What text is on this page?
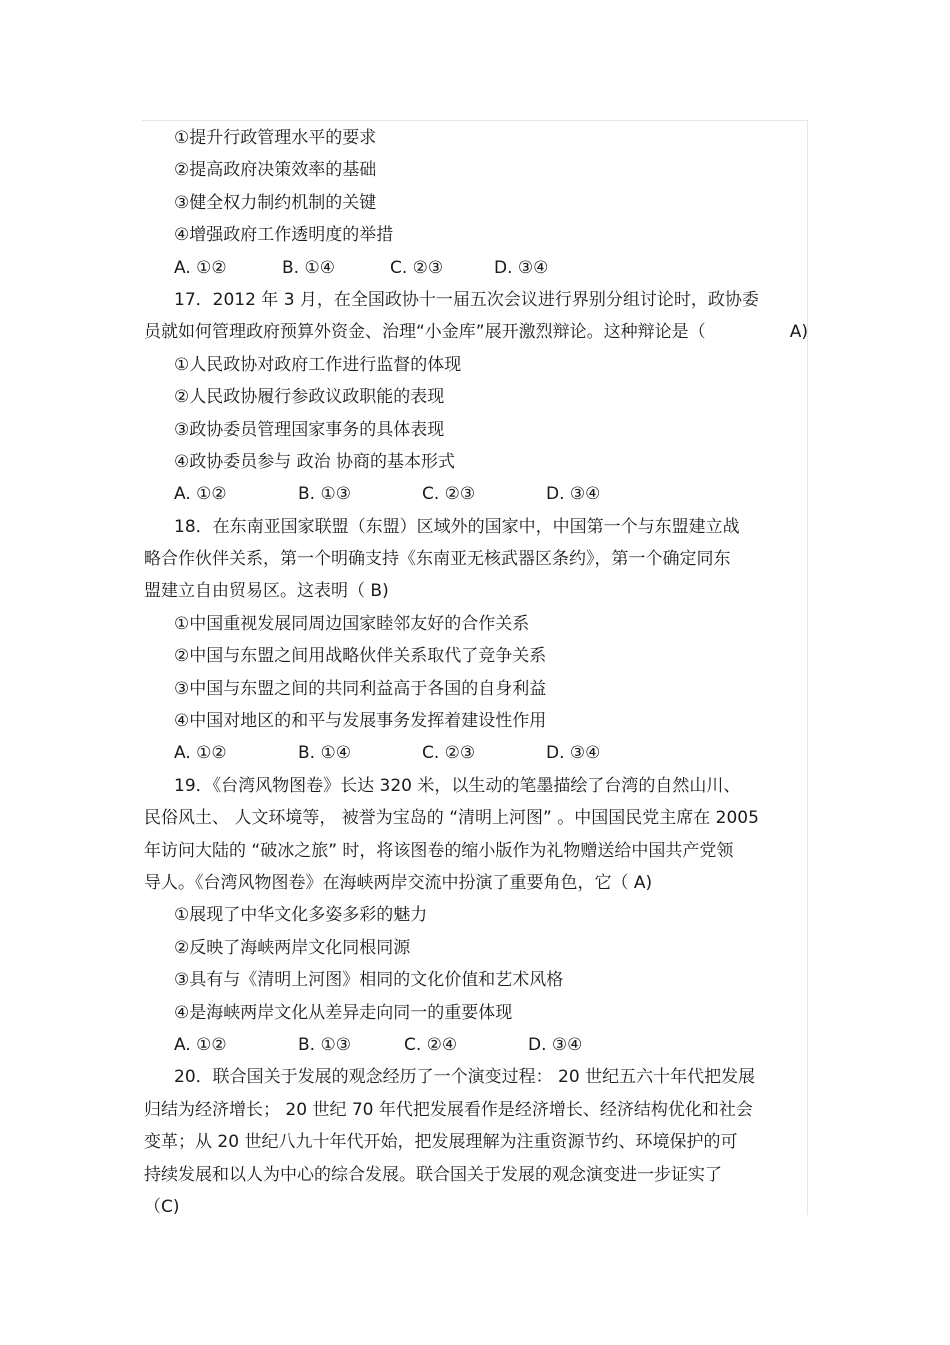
①提升行政管理水平的要求
②提高政府决策效率的基础
③健全权力制约机制的关键
④增强政府工作透明度的举措
A. ①②	B. ①④	C. ②③	D. ③④
17．2012 年 3 月，在全国政协十一届五次会议进行界别分组讨论时，政协委
员就如何管理政府预算外资金、治理“小金库”展开激烈辩论。这种辩论是（	A)
①人民政协对政府工作进行监督的体现
②人民政协履行参政议政职能的表现
③政协委员管理国家事务的具体表现
④政协委员参与 政治 协商的基本形式
A. ①②	B. ①③	C. ②③	D. ③④
18．在东南亚国家联盟（东盟）区域外的国家中，中国第一个与东盟建立战
略合作伙伴关系，第一个明确支持《东南亚无核武器区条约》，第一个确定同东
盟建立自由贸易区。这表明（ B)
①中国重视发展同周边国家睦邻友好的合作关系
②中国与东盟之间用战略伙伴关系取代了竞争关系
③中国与东盟之间的共同利益高于各国的自身利益
④中国对地区的和平与发展事务发挥着建设性作用
A. ①②	B. ①④	C. ②③	D. ③④
19．《台湾风物图卷》长达 320 米，以生动的笔墨描绘了台湾的自然山川、
民俗风土、 人文环境等， 被誉为宝岛的 “清明上河图” 。中国国民党主席在 2005
年访问大陆的 “破冰之旅” 时，将该图卷的缩小版作为礼物赠送给中国共产党领
导人。《台湾风物图卷》在海峡两岸交流中扮演了重要角色，它（ A)
①展现了中华文化多姿多彩的魅力
②反映了海峡两岸文化同根同源
③具有与《清明上河图》相同的文化价值和艺术风格
④是海峡两岸文化从差异走向同一的重要体现
A. ①②	B. ①③	C. ②④	D. ③④
20．联合国关于发展的观念经历了一个演变过程： 20 世纪五六十年代把发展
归结为经济增长； 20 世纪 70 年代把发展看作是经济增长、经济结构优化和社会
变革；从 20 世纪八九十年代开始，把发展理解为注重资源节约、环境保护的可
持续发展和以人为中心的综合发展。联合国关于发展的观念演变进一步证实了
（C)
